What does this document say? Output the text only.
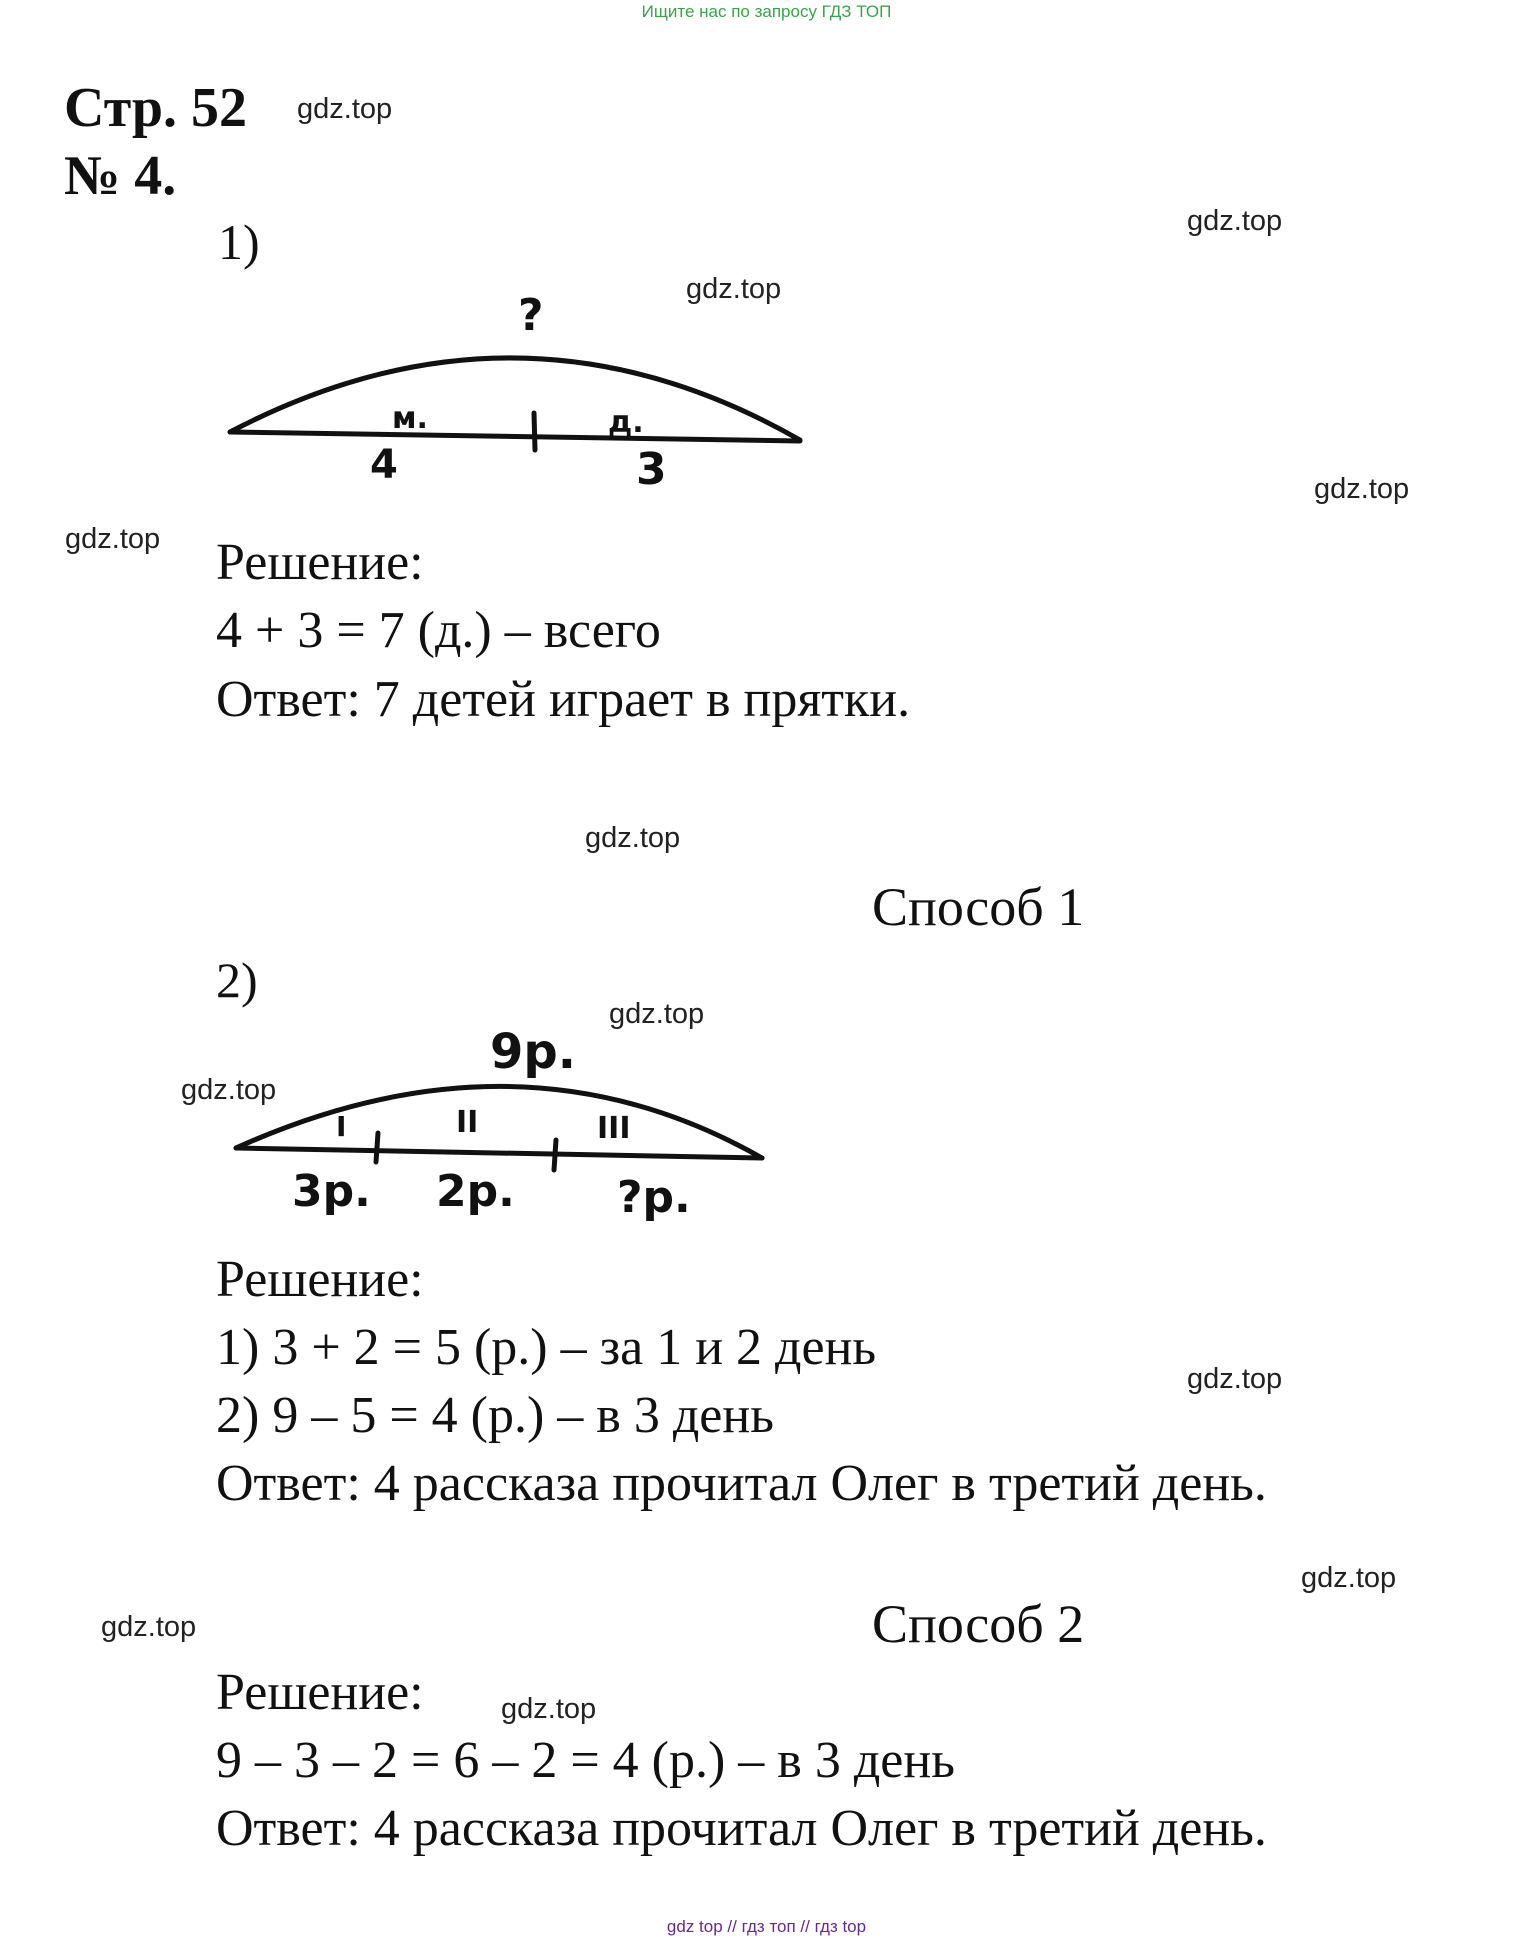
Ищите нас по запросу ГДЗ ТОП
Стр. 52
№ 4.
gdz.top
gdz.top
gdz.top
gdz.top
gdz.top
gdz.top
gdz.top
gdz.top
gdz.top
gdz.top
gdz.top
gdz.top
1)
?
м.
4
д.
3
Решение:
4 + 3 = 7 (д.) – всего
Ответ: 7 детей играет в прятки.
Способ 1
2)
9р.
I
3р.
II
2р.
III
?р.
Решение:
1) 3 + 2 = 5 (р.) – за 1 и 2 день
2) 9 – 5 = 4 (р.) – в 3 день
Ответ: 4 рассказа прочитал Олег в третий день.
Способ 2
Решение:
9 – 3 – 2 = 6 – 2 = 4 (р.) – в 3 день
Ответ: 4 рассказа прочитал Олег в третий день.
gdz top // гдз топ // гдз top
